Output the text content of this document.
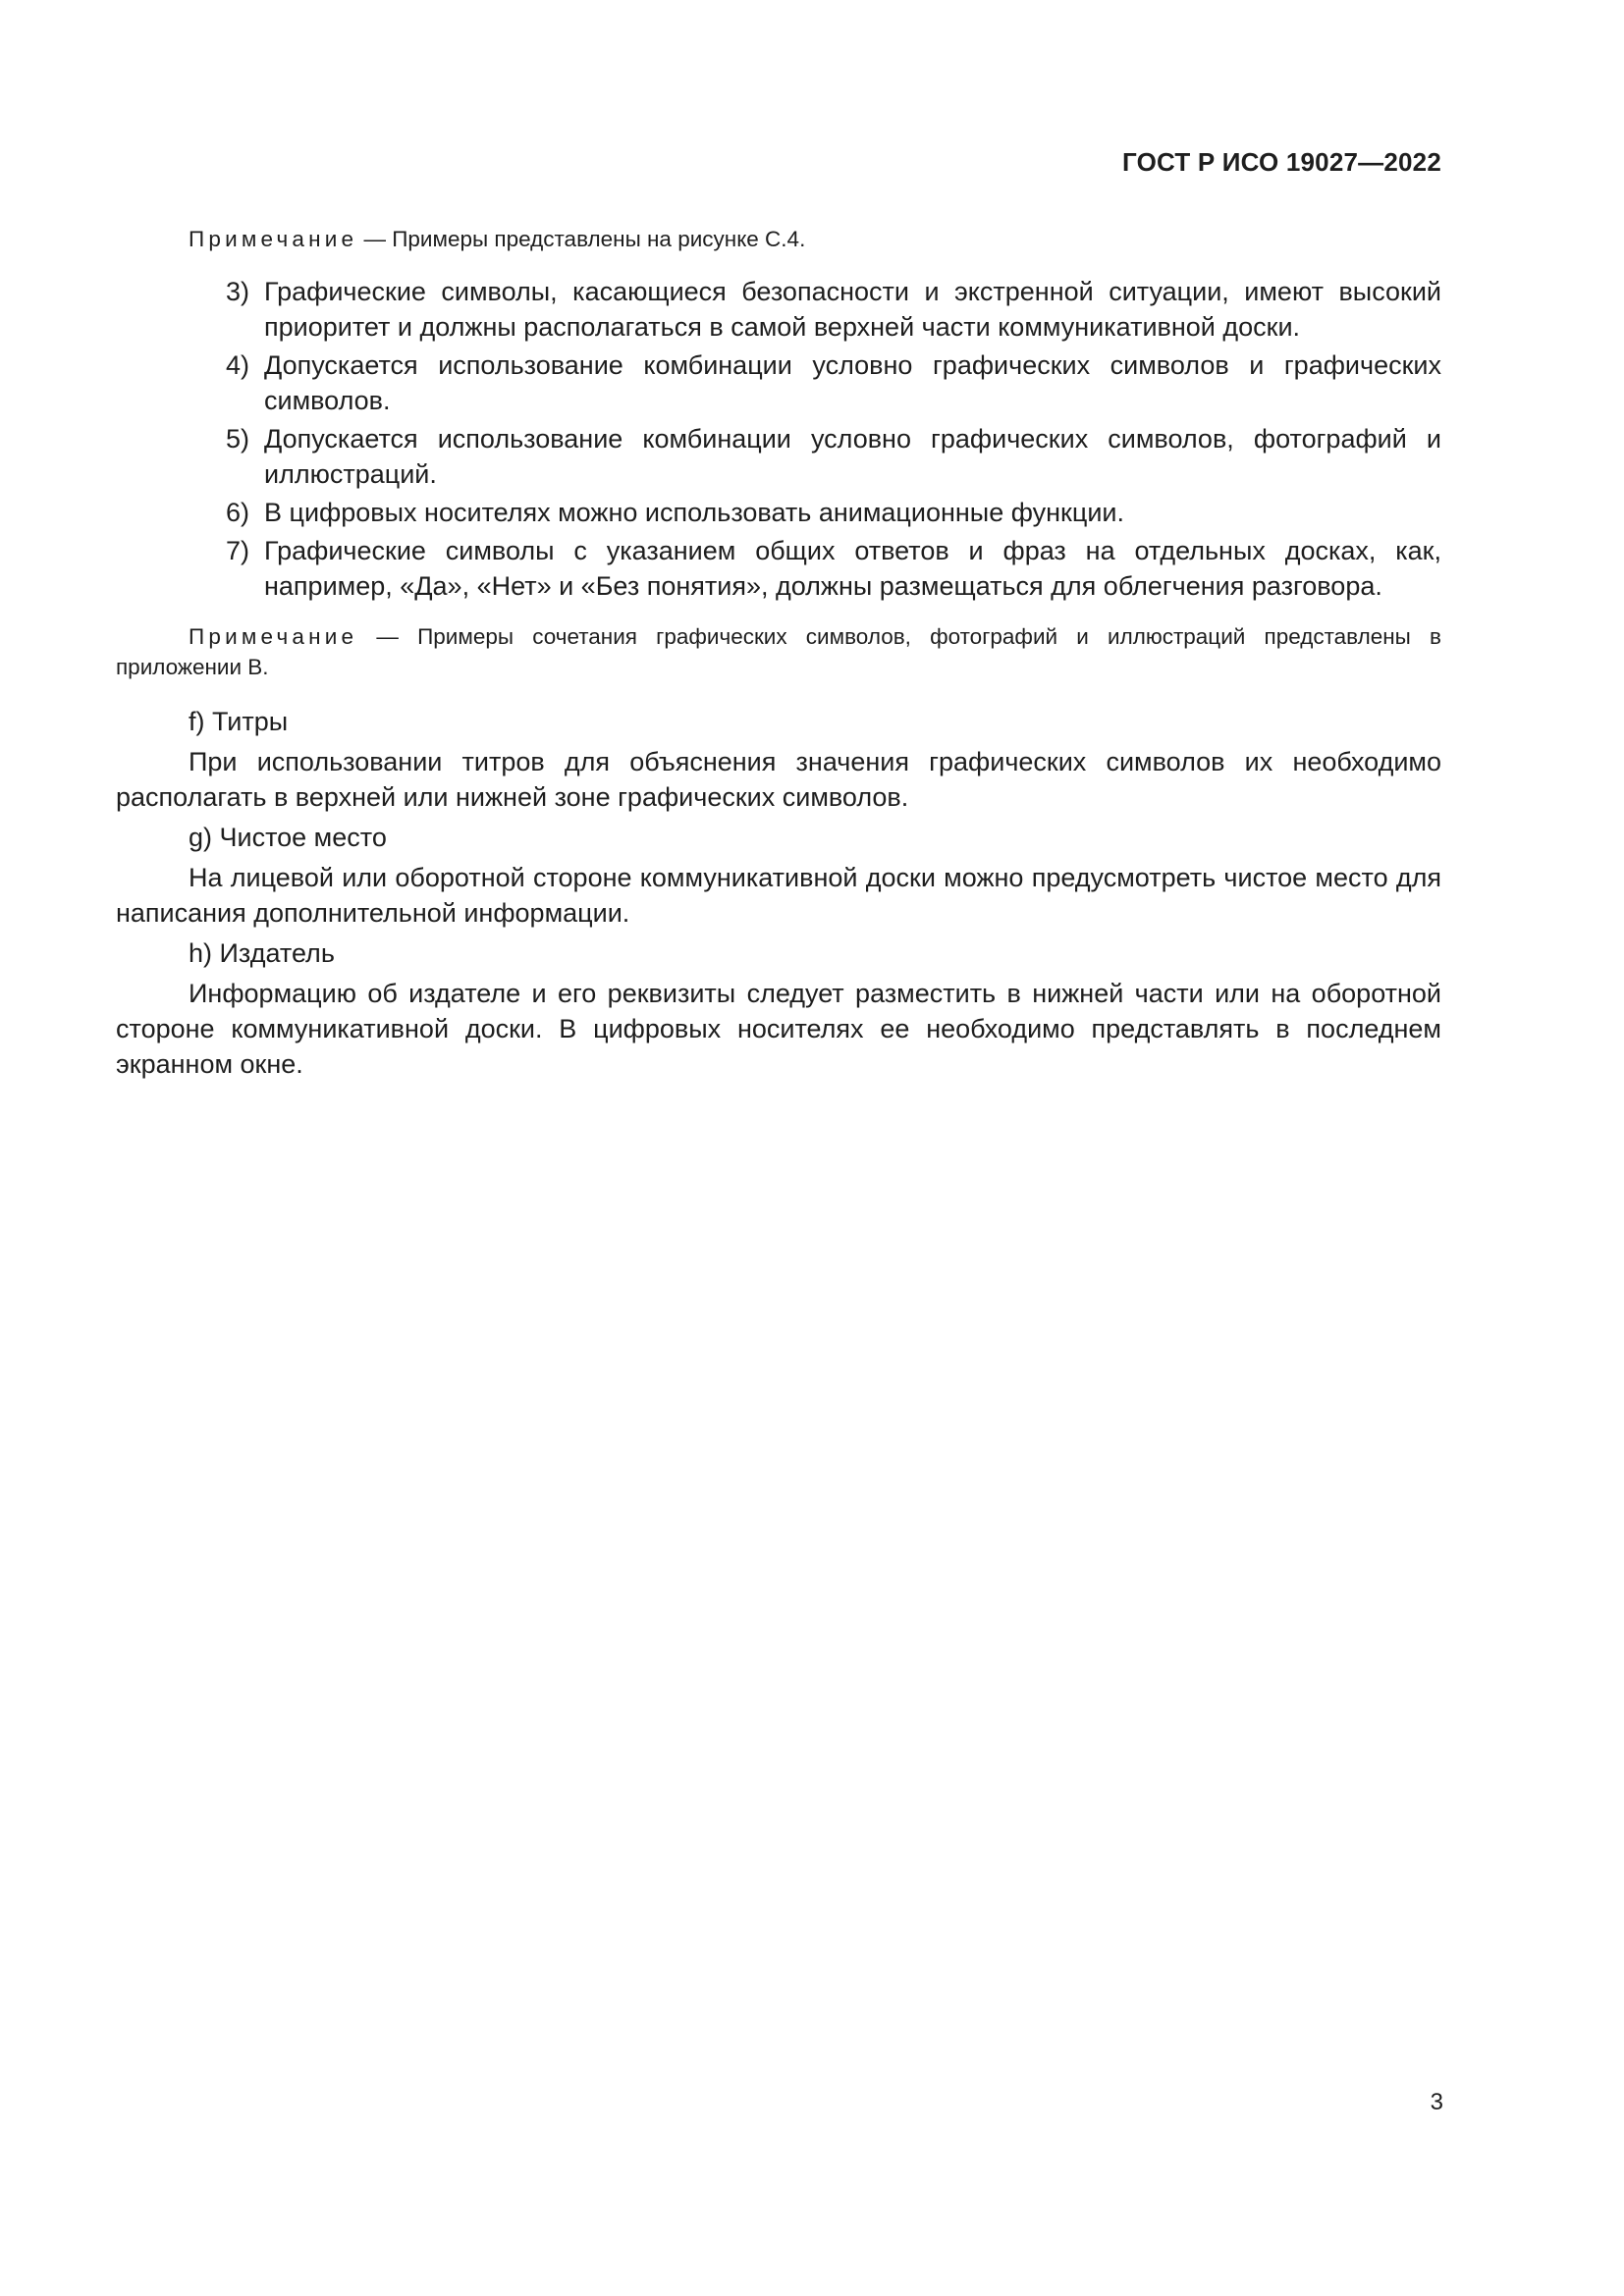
ГОСТ Р ИСО 19027—2022

Примечание — Примеры представлены на рисунке С.4.

3) Графические символы, касающиеся безопасности и экстренной ситуации, имеют высокий приоритет и должны располагаться в самой верхней части коммуникативной доски.
4) Допускается использование комбинации условно графических символов и графических символов.
5) Допускается использование комбинации условно графических символов, фотографий и иллюстраций.
6) В цифровых носителях можно использовать анимационные функции.
7) Графические символы с указанием общих ответов и фраз на отдельных досках, как, например, «Да», «Нет» и «Без понятия», должны размещаться для облегчения разговора.

Примечание — Примеры сочетания графических символов, фотографий и иллюстраций представлены в приложении В.

f) Титры

При использовании титров для объяснения значения графических символов их необходимо располагать в верхней или нижней зоне графических символов.

g) Чистое место

На лицевой или оборотной стороне коммуникативной доски можно предусмотреть чистое место для написания дополнительной информации.

h) Издатель

Информацию об издателе и его реквизиты следует разместить в нижней части или на оборотной стороне коммуникативной доски. В цифровых носителях ее необходимо представлять в последнем экранном окне.

3
